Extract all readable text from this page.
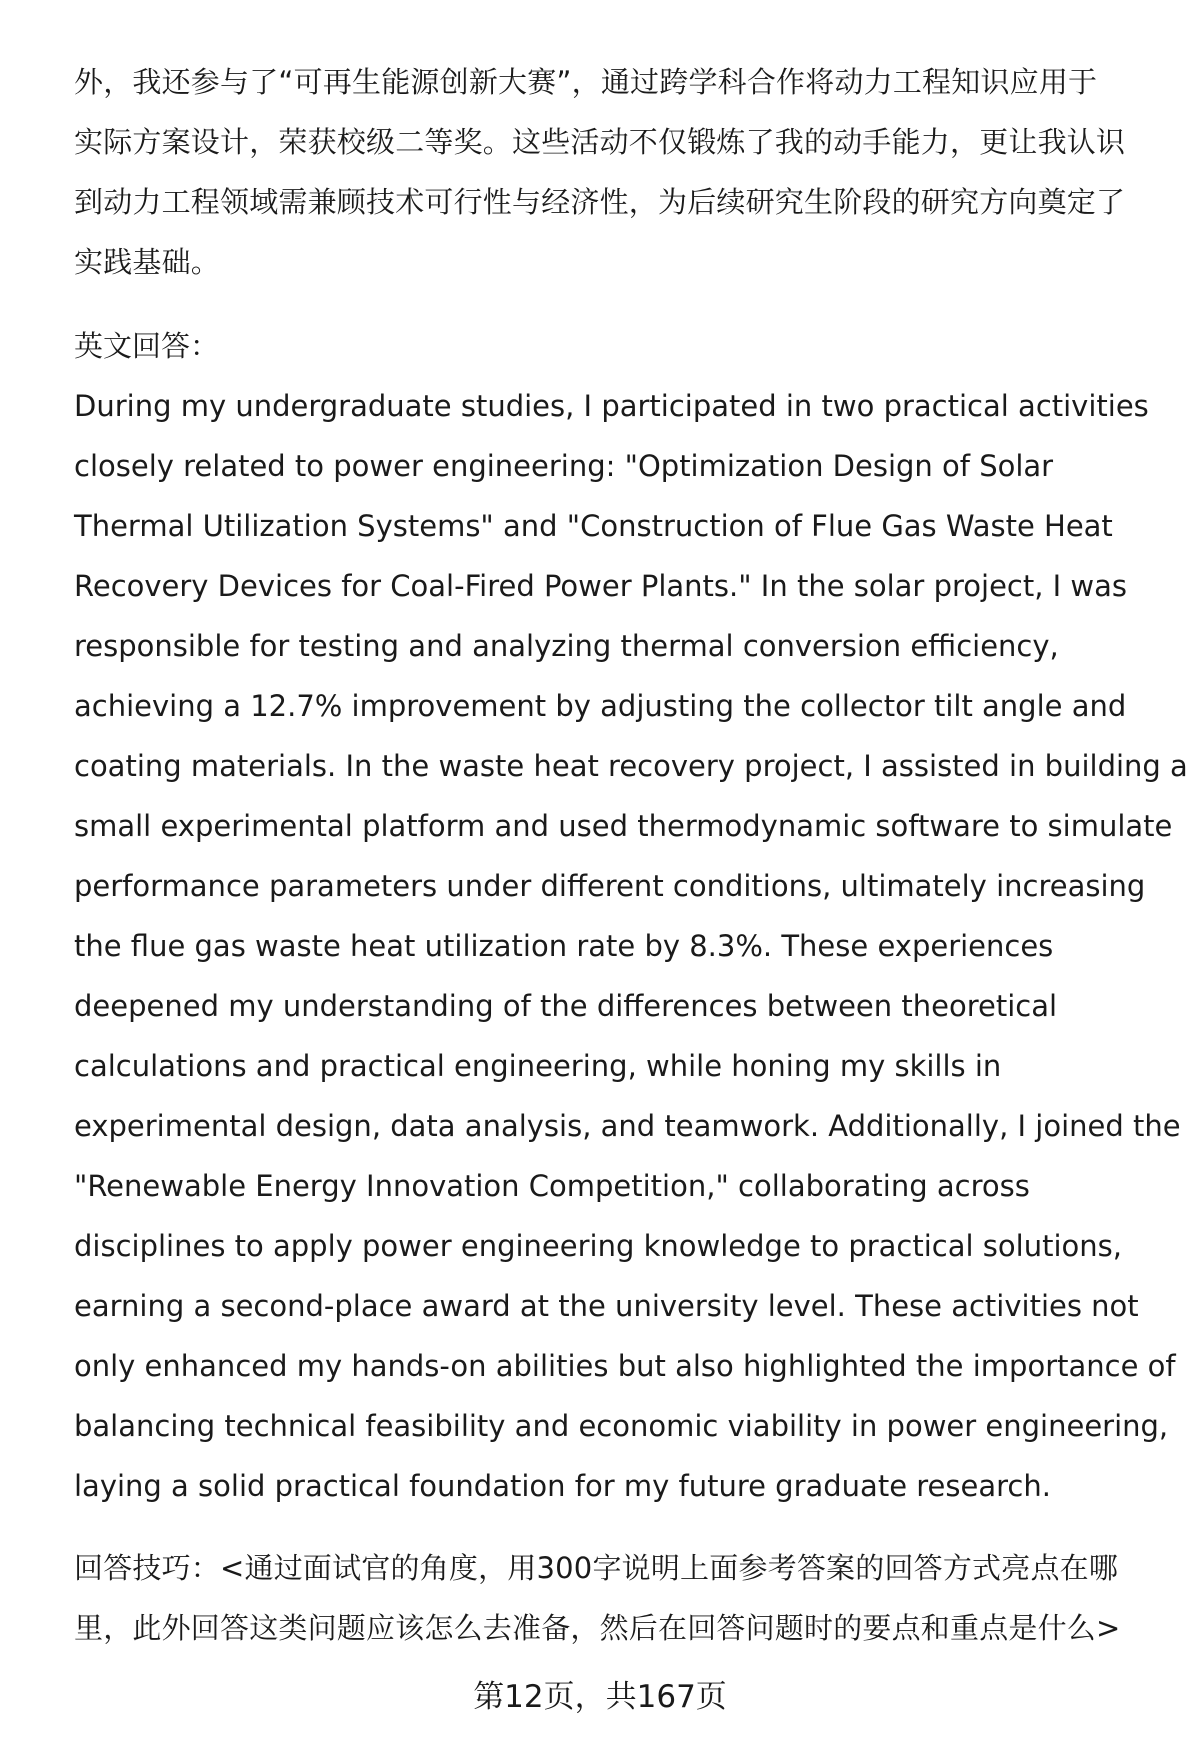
外，我还参与了“可再生能源创新大赛”，通过跨学科合作将动力工程知识应用于
实际方案设计，荣获校级二等奖。这些活动不仅锻炼了我的动手能力，更让我认识
到动力工程领域需兼顾技术可行性与经济性，为后续研究生阶段的研究方向奠定了
实践基础。
英文回答：
During my undergraduate studies, I participated in two practical activities
closely related to power engineering: "Optimization Design of Solar
Thermal Utilization Systems" and "Construction of Flue Gas Waste Heat
Recovery Devices for Coal-Fired Power Plants." In the solar project, I was
responsible for testing and analyzing thermal conversion efficiency,
achieving a 12.7% improvement by adjusting the collector tilt angle and
coating materials. In the waste heat recovery project, I assisted in building a
small experimental platform and used thermodynamic software to simulate
performance parameters under different conditions, ultimately increasing
the flue gas waste heat utilization rate by 8.3%. These experiences
deepened my understanding of the differences between theoretical
calculations and practical engineering, while honing my skills in
experimental design, data analysis, and teamwork. Additionally, I joined the
"Renewable Energy Innovation Competition," collaborating across
disciplines to apply power engineering knowledge to practical solutions,
earning a second-place award at the university level. These activities not
only enhanced my hands-on abilities but also highlighted the importance of
balancing technical feasibility and economic viability in power engineering,
laying a solid practical foundation for my future graduate research.
回答技巧：<通过面试官的角度，用300字说明上面参考答案的回答方式亮点在哪
里，此外回答这类问题应该怎么去准备，然后在回答问题时的要点和重点是什么>
第12页，共167页
